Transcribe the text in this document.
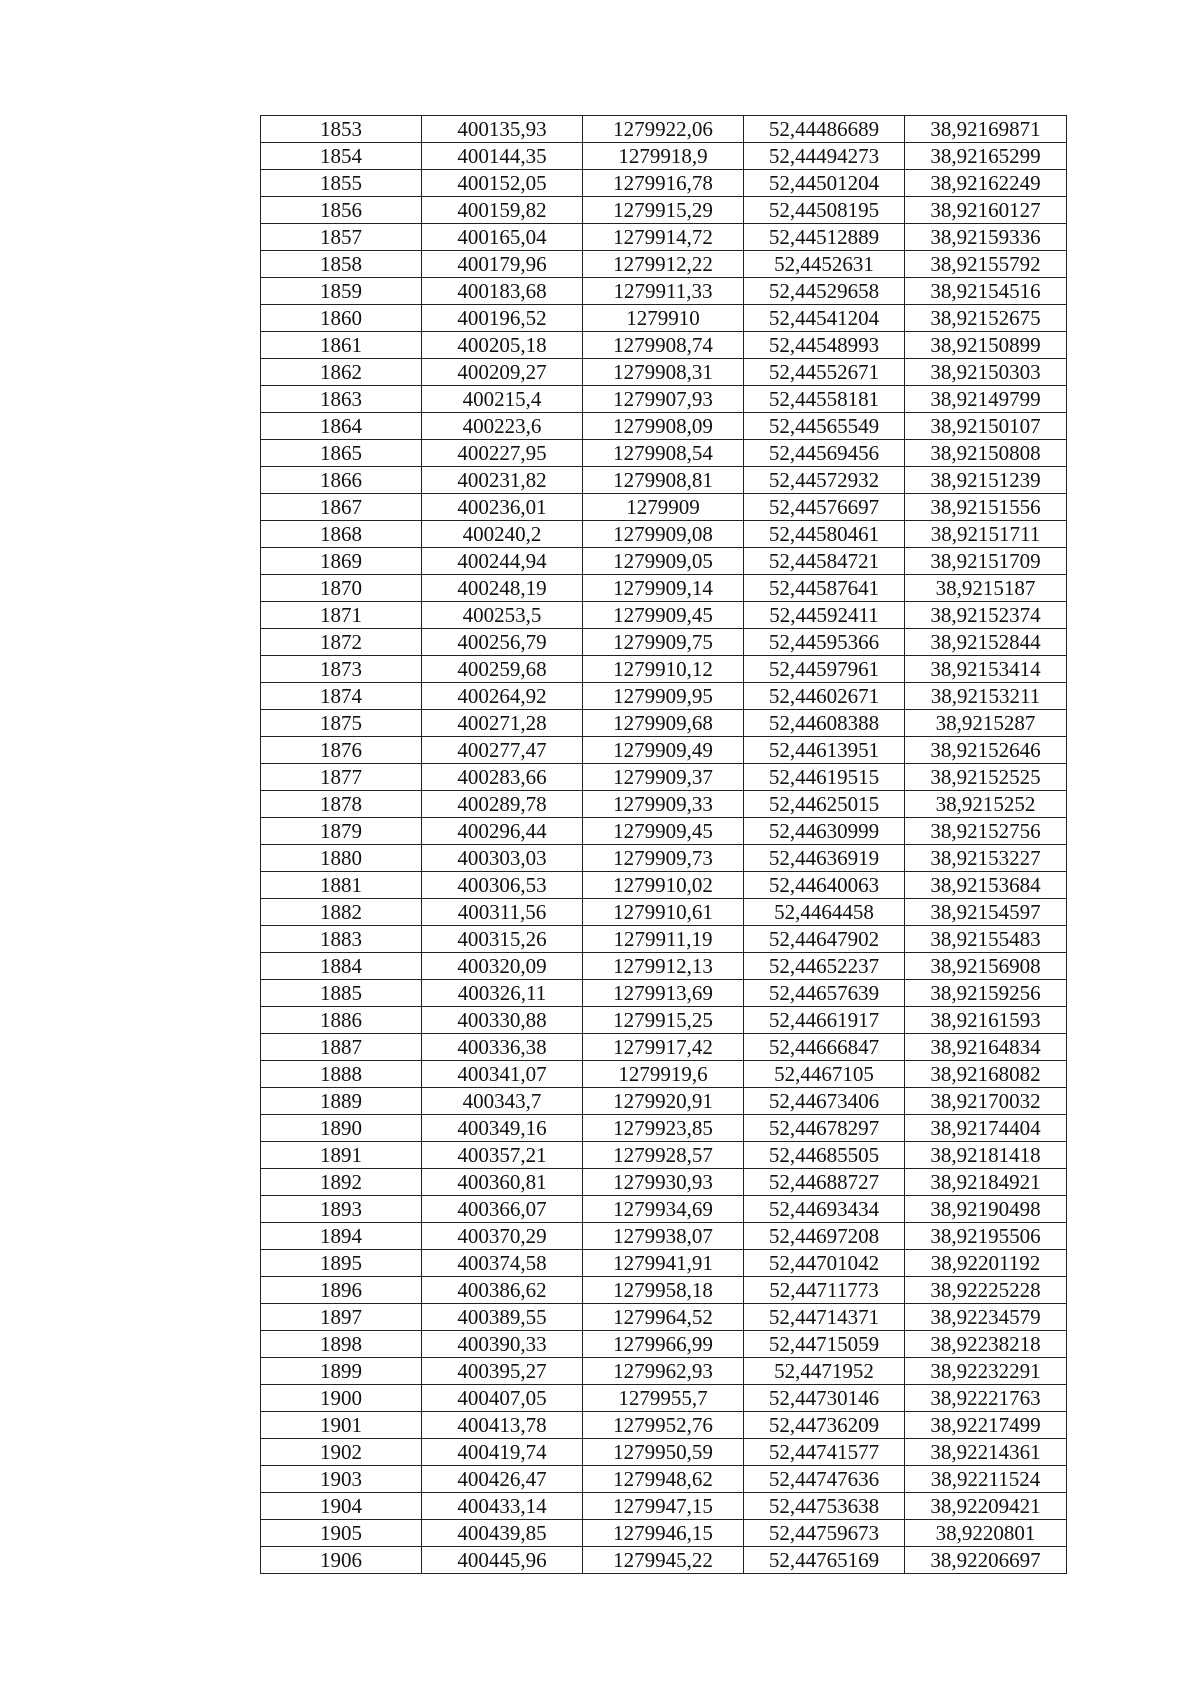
1853	400135,93	1279922,06	52,44486689	38,92169871
1854	400144,35	1279918,9	52,44494273	38,92165299
1855	400152,05	1279916,78	52,44501204	38,92162249
1856	400159,82	1279915,29	52,44508195	38,92160127
1857	400165,04	1279914,72	52,44512889	38,92159336
1858	400179,96	1279912,22	52,4452631	38,92155792
1859	400183,68	1279911,33	52,44529658	38,92154516
1860	400196,52	1279910	52,44541204	38,92152675
1861	400205,18	1279908,74	52,44548993	38,92150899
1862	400209,27	1279908,31	52,44552671	38,92150303
1863	400215,4	1279907,93	52,44558181	38,92149799
1864	400223,6	1279908,09	52,44565549	38,92150107
1865	400227,95	1279908,54	52,44569456	38,92150808
1866	400231,82	1279908,81	52,44572932	38,92151239
1867	400236,01	1279909	52,44576697	38,92151556
1868	400240,2	1279909,08	52,44580461	38,92151711
1869	400244,94	1279909,05	52,44584721	38,92151709
1870	400248,19	1279909,14	52,44587641	38,9215187
1871	400253,5	1279909,45	52,44592411	38,92152374
1872	400256,79	1279909,75	52,44595366	38,92152844
1873	400259,68	1279910,12	52,44597961	38,92153414
1874	400264,92	1279909,95	52,44602671	38,92153211
1875	400271,28	1279909,68	52,44608388	38,9215287
1876	400277,47	1279909,49	52,44613951	38,92152646
1877	400283,66	1279909,37	52,44619515	38,92152525
1878	400289,78	1279909,33	52,44625015	38,9215252
1879	400296,44	1279909,45	52,44630999	38,92152756
1880	400303,03	1279909,73	52,44636919	38,92153227
1881	400306,53	1279910,02	52,44640063	38,92153684
1882	400311,56	1279910,61	52,4464458	38,92154597
1883	400315,26	1279911,19	52,44647902	38,92155483
1884	400320,09	1279912,13	52,44652237	38,92156908
1885	400326,11	1279913,69	52,44657639	38,92159256
1886	400330,88	1279915,25	52,44661917	38,92161593
1887	400336,38	1279917,42	52,44666847	38,92164834
1888	400341,07	1279919,6	52,4467105	38,92168082
1889	400343,7	1279920,91	52,44673406	38,92170032
1890	400349,16	1279923,85	52,44678297	38,92174404
1891	400357,21	1279928,57	52,44685505	38,92181418
1892	400360,81	1279930,93	52,44688727	38,92184921
1893	400366,07	1279934,69	52,44693434	38,92190498
1894	400370,29	1279938,07	52,44697208	38,92195506
1895	400374,58	1279941,91	52,44701042	38,92201192
1896	400386,62	1279958,18	52,44711773	38,92225228
1897	400389,55	1279964,52	52,44714371	38,92234579
1898	400390,33	1279966,99	52,44715059	38,92238218
1899	400395,27	1279962,93	52,4471952	38,92232291
1900	400407,05	1279955,7	52,44730146	38,92221763
1901	400413,78	1279952,76	52,44736209	38,92217499
1902	400419,74	1279950,59	52,44741577	38,92214361
1903	400426,47	1279948,62	52,44747636	38,92211524
1904	400433,14	1279947,15	52,44753638	38,92209421
1905	400439,85	1279946,15	52,44759673	38,9220801
1906	400445,96	1279945,22	52,44765169	38,92206697
